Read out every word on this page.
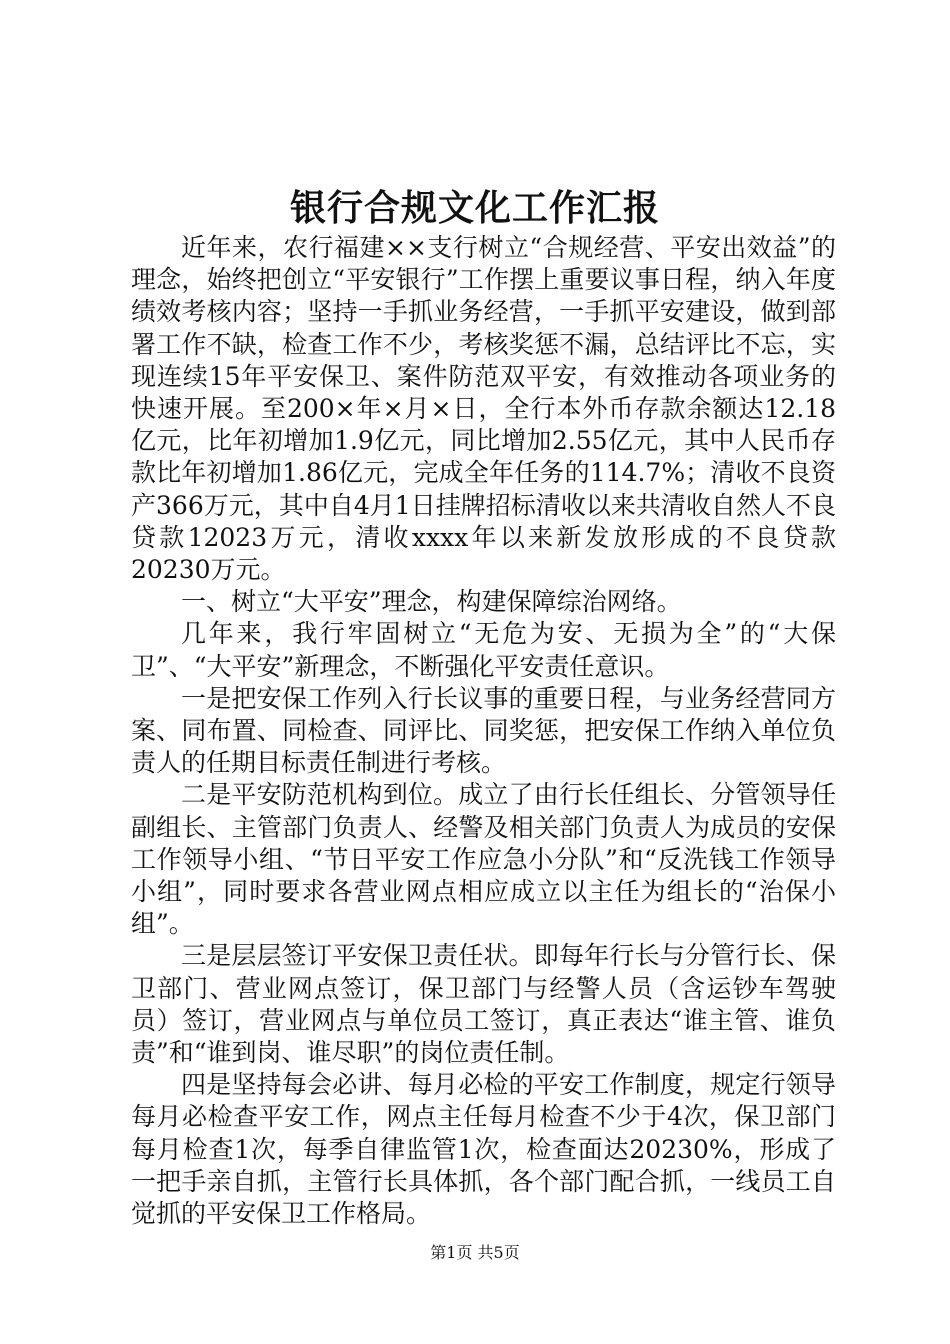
银行合规文化工作汇报

近年来，农行福建××支行树立“合规经营、平安出效益”的理念，始终把创立“平安银行”工作摆上重要议事日程，纳入年度绩效考核内容；坚持一手抓业务经营，一手抓平安建设，做到部署工作不缺，检查工作不少，考核奖惩不漏，总结评比不忘，实现连续15年平安保卫、案件防范双平安，有效推动各项业务的快速开展。至200×年×月×日，全行本外币存款余额达12.18亿元，比年初增加1.9亿元，同比增加2.55亿元，其中人民币存款比年初增加1.86亿元，完成全年任务的114.7%；清收不良资产366万元，其中自4月1日挂牌招标清收以来共清收自然人不良贷款12023万元，清收xxxx年以来新发放形成的不良贷款20230万元。

一、树立“大平安”理念，构建保障综治网络。

几年来，我行牢固树立“无危为安、无损为全”的“大保卫”、“大平安”新理念，不断强化平安责任意识。

一是把安保工作列入行长议事的重要日程，与业务经营同方案、同布置、同检查、同评比、同奖惩，把安保工作纳入单位负责人的任期目标责任制进行考核。

二是平安防范机构到位。成立了由行长任组长、分管领导任副组长、主管部门负责人、经警及相关部门负责人为成员的安保工作领导小组、“节日平安工作应急小分队”和“反洗钱工作领导小组”，同时要求各营业网点相应成立以主任为组长的“治保小组”。

三是层层签订平安保卫责任状。即每年行长与分管行长、保卫部门、营业网点签订，保卫部门与经警人员（含运钞车驾驶员）签订，营业网点与单位员工签订，真正表达“谁主管、谁负责”和“谁到岗、谁尽职”的岗位责任制。

四是坚持每会必讲、每月必检的平安工作制度，规定行领导每月必检查平安工作，网点主任每月检查不少于4次，保卫部门每月检查1次，每季自律监管1次，检查面达20230%，形成了一把手亲自抓，主管行长具体抓，各个部门配合抓，一线员工自觉抓的平安保卫工作格局。

第1页 共5页
